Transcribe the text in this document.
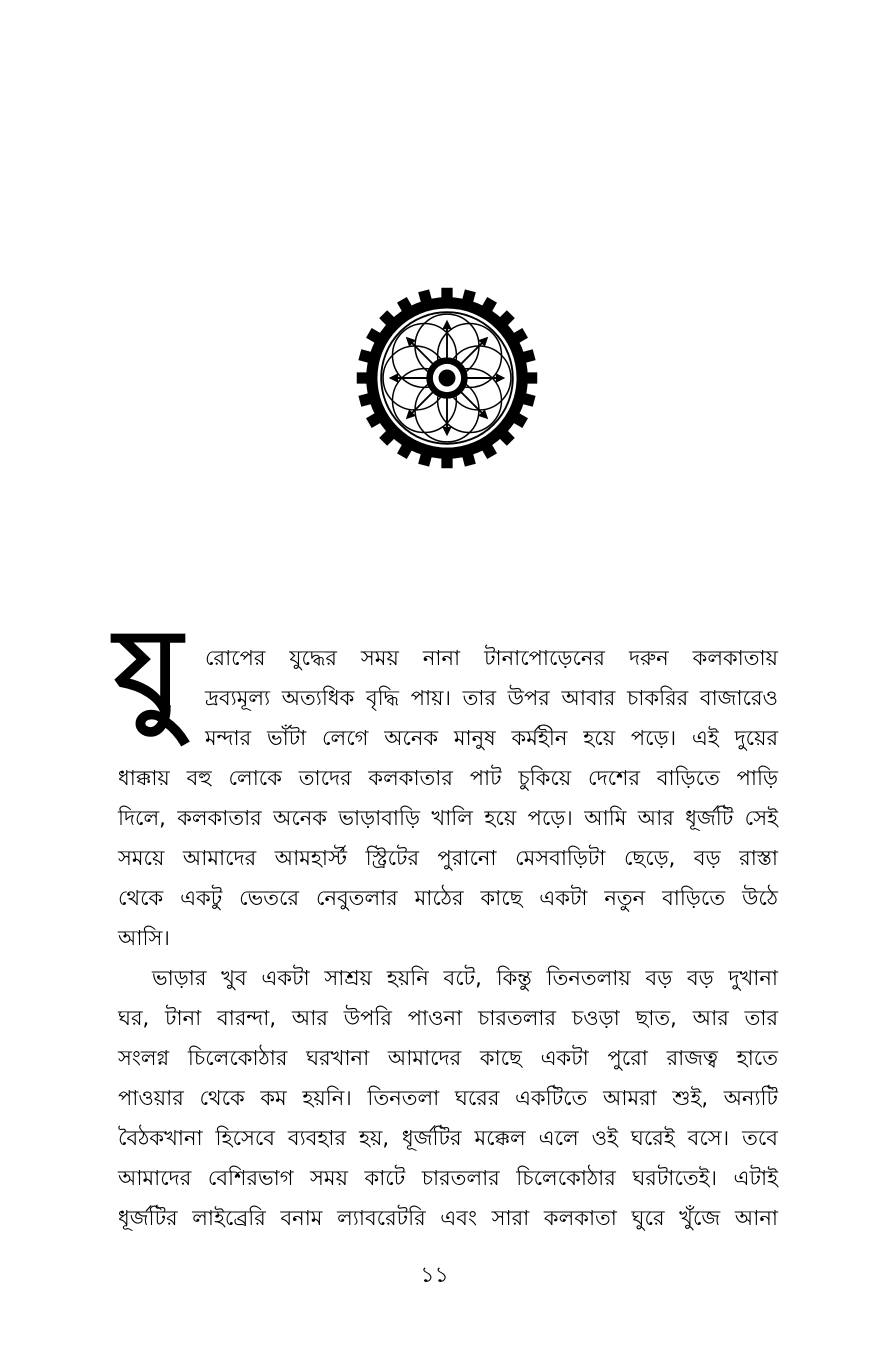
যু রোপের যুদ্ধের সময় নানা টানাপোড়েনের দরুন কলকাতায়
দ্রব্যমূল্য অত্যধিক বৃদ্ধি পায়। তার উপর আবার চাকরির বাজারেও
মন্দার ভাঁটা লেগে অনেক মানুষ কর্মহীন হয়ে পড়ে। এই দুয়ের
ধাক্কায় বহু লোকে তাদের কলকাতার পাট চুকিয়ে দেশের বাড়িতে পাড়ি
দিলে, কলকাতার অনেক ভাড়াবাড়ি খালি হয়ে পড়ে। আমি আর ধূর্জটি সেই
সময়ে আমাদের আমহার্স্ট স্ট্রিটের পুরানো মেসবাড়িটা ছেড়ে, বড় রাস্তা
থেকে একটু ভেতরে নেবুতলার মাঠের কাছে একটা নতুন বাড়িতে উঠে
আসি।
ভাড়ার খুব একটা সাশ্রয় হয়নি বটে, কিন্তু তিনতলায় বড় বড় দুখানা
ঘর, টানা বারন্দা, আর উপরি পাওনা চারতলার চওড়া ছাত, আর তার
সংলগ্ন চিলেকোঠার ঘরখানা আমাদের কাছে একটা পুরো রাজত্ব হাতে
পাওয়ার থেকে কম হয়নি। তিনতলা ঘরের একটিতে আমরা শুই, অন্যটি
বৈঠকখানা হিসেবে ব্যবহার হয়, ধূর্জটির মক্কেল এলে ওই ঘরেই বসে। তবে
আমাদের বেশিরভাগ সময় কাটে চারতলার চিলেকোঠার ঘরটাতেই। এটাই
ধূর্জটির লাইব্রেরি বনাম ল্যাবরেটরি এবং সারা কলকাতা ঘুরে খুঁজে আনা
১১
